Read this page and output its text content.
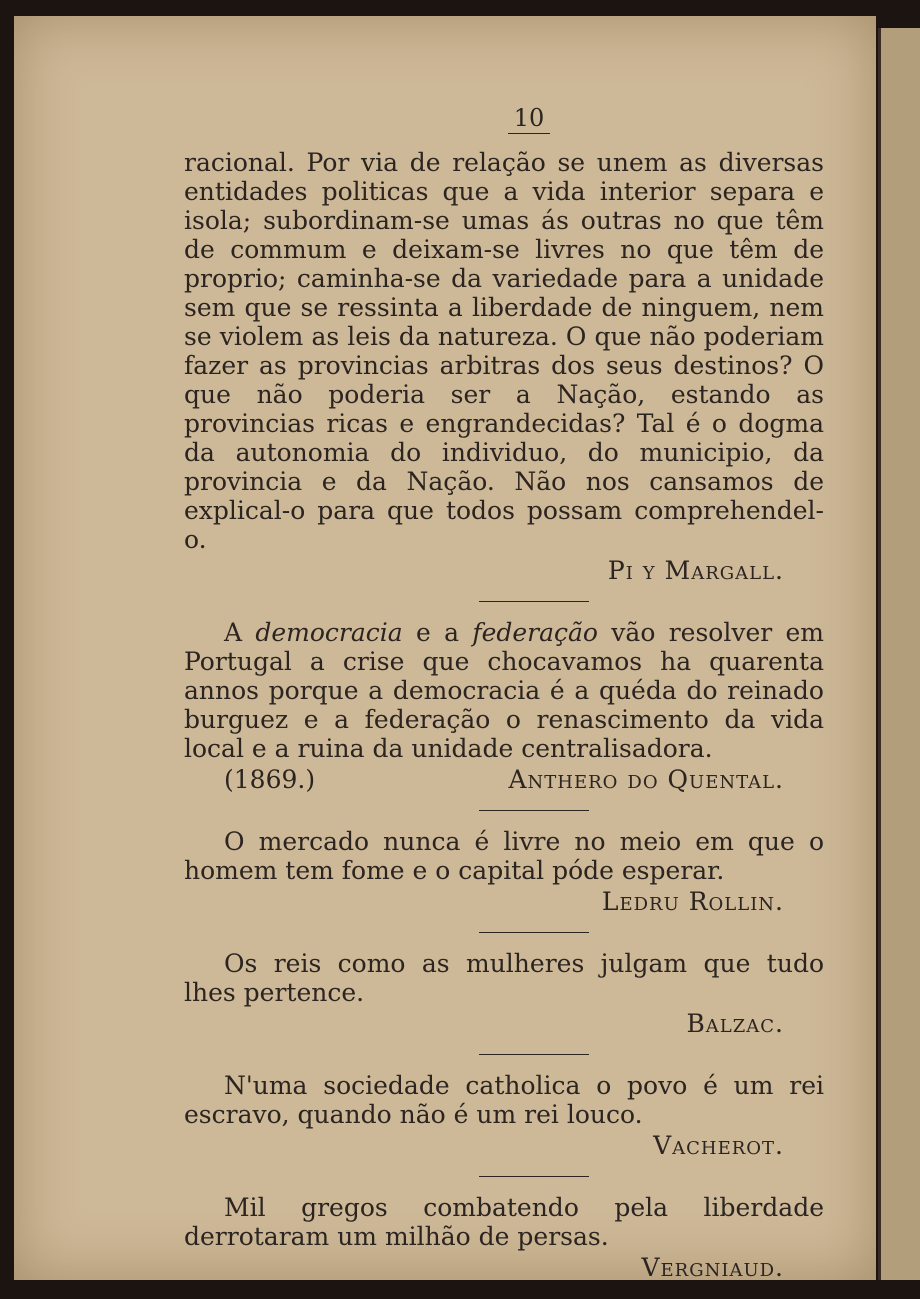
10
racional. Por via de relação se unem as diversas entidades politicas que a vida interior separa e isola; subordinam-se umas ás outras no que têm de commum e deixam-se livres no que têm de proprio; caminha-se da variedade para a unidade sem que se ressinta a liberdade de ninguem, nem se violem as leis da natureza. O que não poderiam fazer as provincias arbitras dos seus destinos? O que não poderia ser a Nação, estando as provincias ricas e engrandecidas? Tal é o dogma da autonomia do individuo, do municipio, da provincia e da Nação. Não nos cansamos de explical-o para que todos possam comprehendel-o.
Pi y Margall.
A democracia e a federação vão resolver em Portugal a crise que chocavamos ha quarenta annos porque a democracia é a quéda do reinado burguez e a federação o renascimento da vida local e a ruina da unidade centralisadora.
(1869.)	Anthero do Quental.
O mercado nunca é livre no meio em que o homem tem fome e o capital póde esperar.
Ledru Rollin.
Os reis como as mulheres julgam que tudo lhes pertence.
Balzac.
N'uma sociedade catholica o povo é um rei escravo, quando não é um rei louco.
Vacherot.
Mil gregos combatendo pela liberdade derrotaram um milhão de persas.
Vergniaud.
